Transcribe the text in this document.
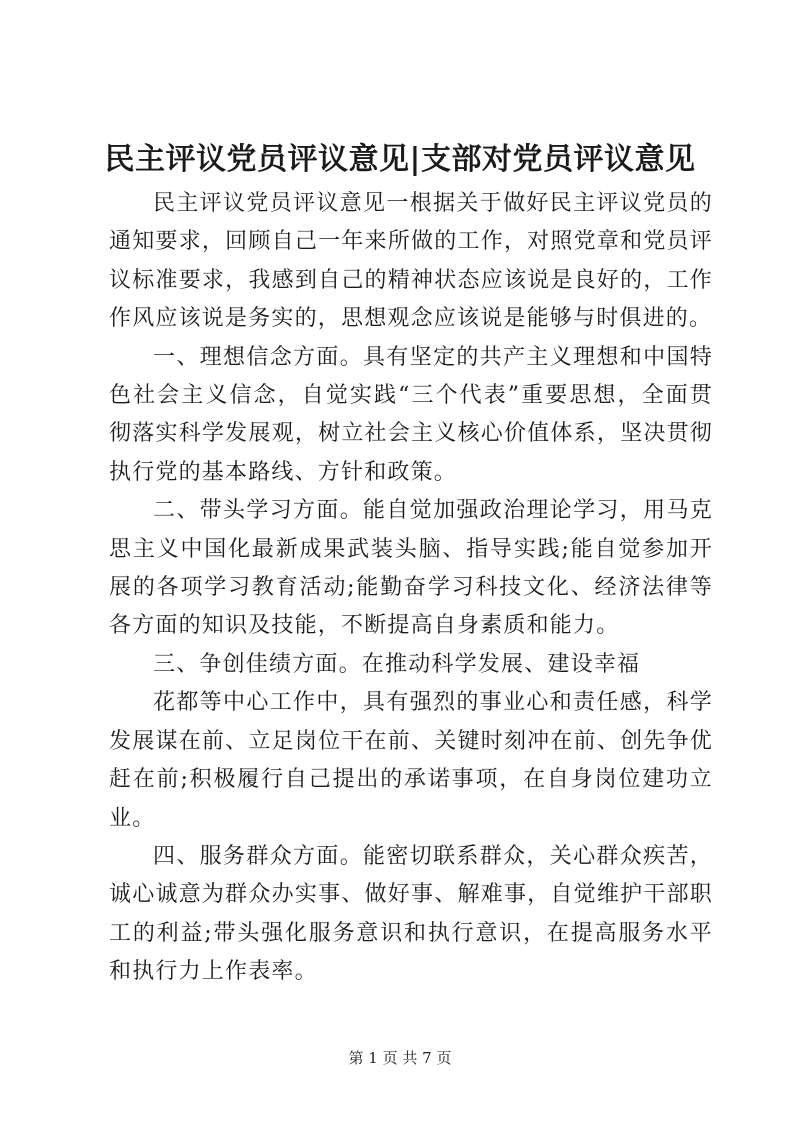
民主评议党员评议意见|支部对党员评议意见

民主评议党员评议意见一根据关于做好民主评议党员的通知要求，回顾自己一年来所做的工作，对照党章和党员评议标准要求，我感到自己的精神状态应该说是良好的，工作作风应该说是务实的，思想观念应该说是能够与时俱进的。

一、理想信念方面。具有坚定的共产主义理想和中国特色社会主义信念，自觉实践“三个代表”重要思想，全面贯彻落实科学发展观，树立社会主义核心价值体系，坚决贯彻执行党的基本路线、方针和政策。

二、带头学习方面。能自觉加强政治理论学习，用马克思主义中国化最新成果武装头脑、指导实践;能自觉参加开展的各项学习教育活动;能勤奋学习科技文化、经济法律等各方面的知识及技能，不断提高自身素质和能力。

三、争创佳绩方面。在推动科学发展、建设幸福

花都等中心工作中，具有强烈的事业心和责任感，科学发展谋在前、立足岗位干在前、关键时刻冲在前、创先争优赶在前;积极履行自己提出的承诺事项，在自身岗位建功立业。

四、服务群众方面。能密切联系群众，关心群众疾苦，诚心诚意为群众办实事、做好事、解难事，自觉维护干部职工的利益;带头强化服务意识和执行意识，在提高服务水平和执行力上作表率。

第 1 页 共 7 页
